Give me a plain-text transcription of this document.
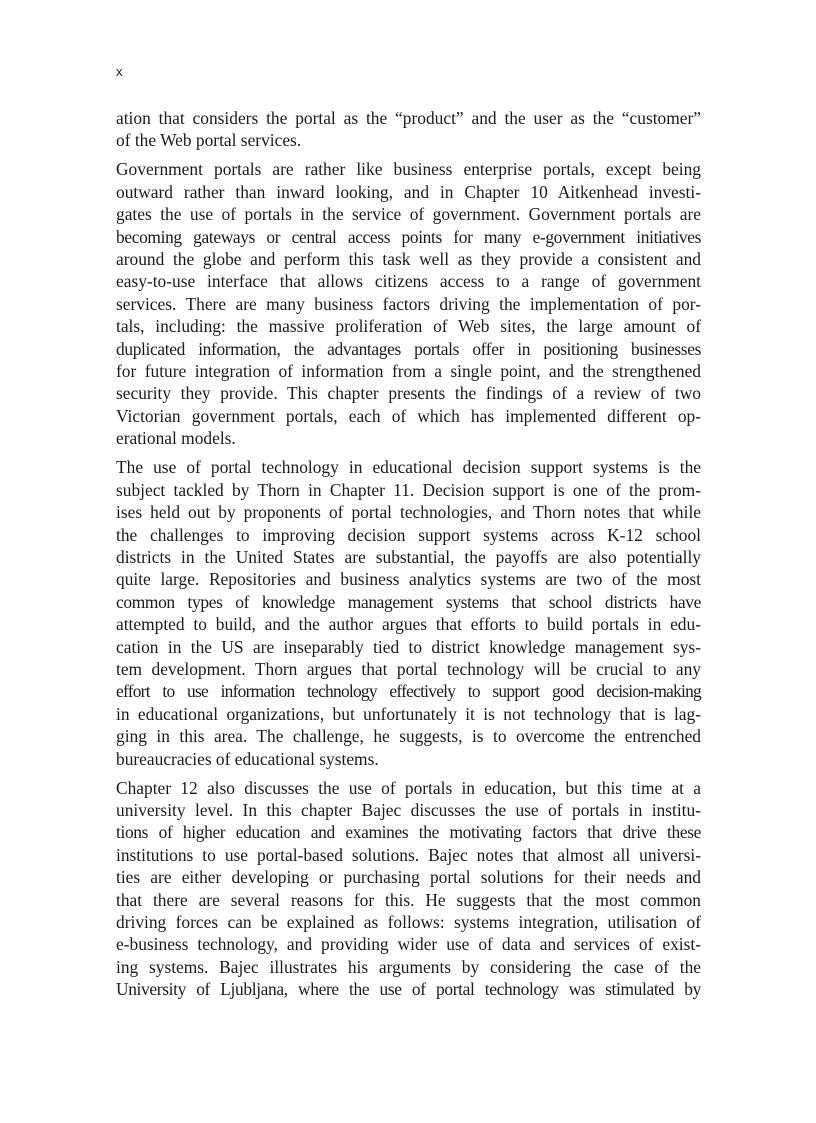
x

ation that considers the portal as the “product” and the user as the “customer”
of the Web portal services.

Government portals are rather like business enterprise portals, except being
outward rather than inward looking, and in Chapter 10 Aitkenhead investi-
gates the use of portals in the service of government. Government portals are
becoming gateways or central access points for many e-government initiatives
around the globe and perform this task well as they provide a consistent and
easy-to-use interface that allows citizens access to a range of government
services. There are many business factors driving the implementation of por-
tals, including: the massive proliferation of Web sites, the large amount of
duplicated information, the advantages portals offer in positioning businesses
for future integration of information from a single point, and the strengthened
security they provide. This chapter presents the findings of a review of two
Victorian government portals, each of which has implemented different op-
erational models.

The use of portal technology in educational decision support systems is the
subject tackled by Thorn in Chapter 11. Decision support is one of the prom-
ises held out by proponents of portal technologies, and Thorn notes that while
the challenges to improving decision support systems across K-12 school
districts in the United States are substantial, the payoffs are also potentially
quite large. Repositories and business analytics systems are two of the most
common types of knowledge management systems that school districts have
attempted to build, and the author argues that efforts to build portals in edu-
cation in the US are inseparably tied to district knowledge management sys-
tem development. Thorn argues that portal technology will be crucial to any
effort to use information technology effectively to support good decision-making
in educational organizations, but unfortunately it is not technology that is lag-
ging in this area. The challenge, he suggests, is to overcome the entrenched
bureaucracies of educational systems.

Chapter 12 also discusses the use of portals in education, but this time at a
university level. In this chapter Bajec discusses the use of portals in institu-
tions of higher education and examines the motivating factors that drive these
institutions to use portal-based solutions. Bajec notes that almost all universi-
ties are either developing or purchasing portal solutions for their needs and
that there are several reasons for this. He suggests that the most common
driving forces can be explained as follows: systems integration, utilisation of
e-business technology, and providing wider use of data and services of exist-
ing systems. Bajec illustrates his arguments by considering the case of the
University of Ljubljana, where the use of portal technology was stimulated by
